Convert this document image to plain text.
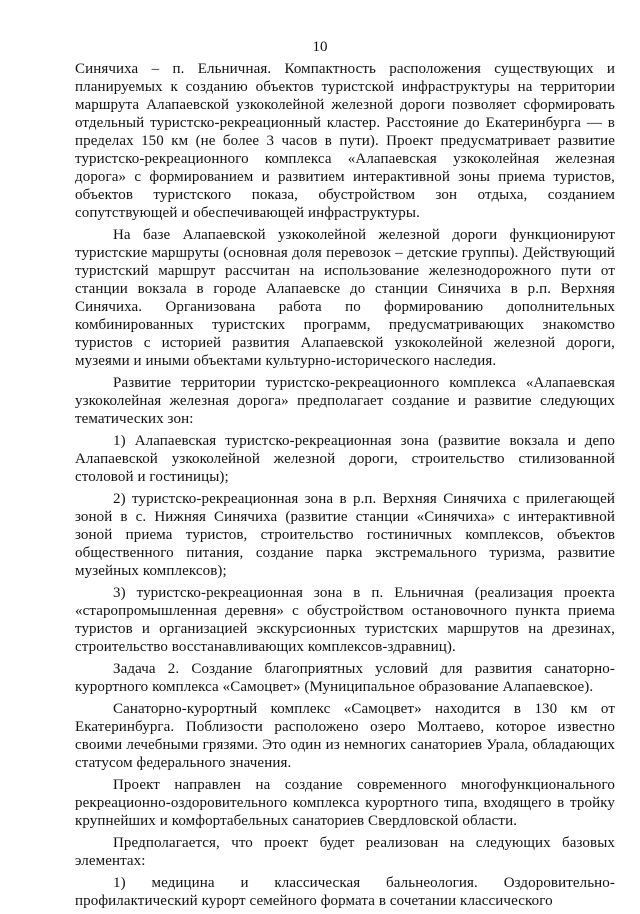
10

Синячиха – п. Ельничная. Компактность расположения существующих и планируемых к созданию объектов туристской инфраструктуры на территории маршрута Алапаевской узкоколейной железной дороги позволяет сформировать отдельный туристско-рекреационный кластер. Расстояние до Екатеринбурга — в пределах 150 км (не более 3 часов в пути). Проект предусматривает развитие туристско-рекреационного комплекса «Алапаевская узкоколейная железная дорога» с формированием и развитием интерактивной зоны приема туристов, объектов туристского показа, обустройством зон отдыха, созданием сопутствующей и обеспечивающей инфраструктуры.

На базе Алапаевской узкоколейной железной дороги функционируют туристские маршруты (основная доля перевозок – детские группы). Действующий туристский маршрут рассчитан на использование железнодорожного пути от станции вокзала в городе Алапаевске до станции Синячиха в р.п. Верхняя Синячиха. Организована работа по формированию дополнительных комбинированных туристских программ, предусматривающих знакомство туристов с историей развития Алапаевской узкоколейной железной дороги, музеями и иными объектами культурно-исторического наследия.

Развитие территории туристско-рекреационного комплекса «Алапаевская узкоколейная железная дорога» предполагает создание и развитие следующих тематических зон:

1) Алапаевская туристско-рекреационная зона (развитие вокзала и депо Алапаевской узкоколейной железной дороги, строительство стилизованной столовой и гостиницы);

2) туристско-рекреационная зона в р.п. Верхняя Синячиха с прилегающей зоной в с. Нижняя Синячиха (развитие станции «Синячиха» с интерактивной зоной приема туристов, строительство гостиничных комплексов, объектов общественного питания, создание парка экстремального туризма, развитие музейных комплексов);

3) туристско-рекреационная зона в п. Ельничная (реализация проекта «старопромышленная деревня» с обустройством остановочного пункта приема туристов и организацией экскурсионных туристских маршрутов на дрезинах, строительство восстанавливающих комплексов-здравниц).

Задача 2. Создание благоприятных условий для развития санаторно-курортного комплекса «Самоцвет» (Муниципальное образование Алапаевское).

Санаторно-курортный комплекс «Самоцвет» находится в 130 км от Екатеринбурга. Поблизости расположено озеро Молтаево, которое известно своими лечебными грязями. Это один из немногих санаториев Урала, обладающих статусом федерального значения.

Проект направлен на создание современного многофункционального рекреационно-оздоровительного комплекса курортного типа, входящего в тройку крупнейших и комфортабельных санаториев Свердловской области.

Предполагается, что проект будет реализован на следующих базовых элементах:

1) медицина и классическая бальнеология. Оздоровительно-профилактический курорт семейного формата в сочетании классического
